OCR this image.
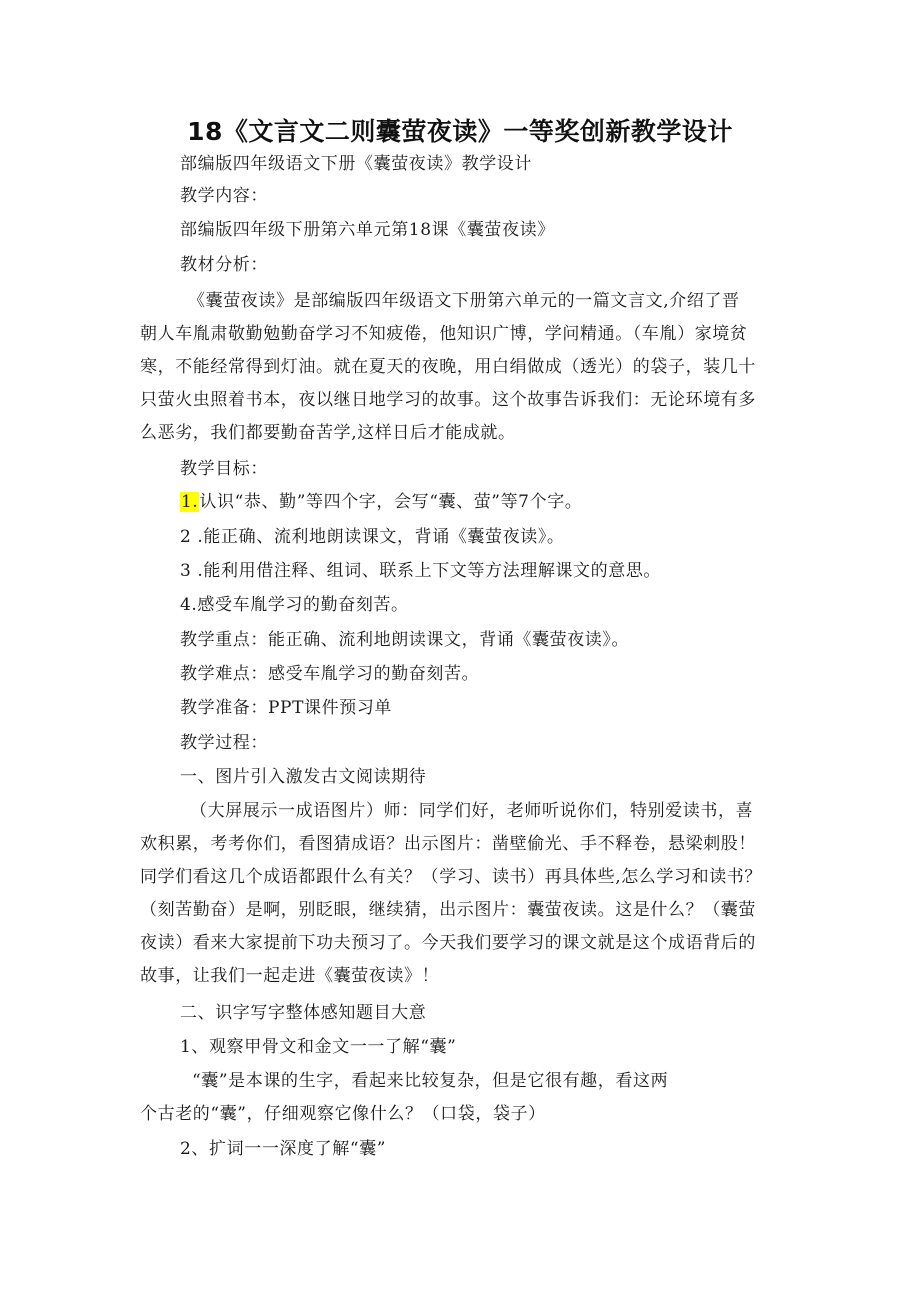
18《文言文二则囊萤夜读》一等奖创新教学设计

部编版四年级语文下册《囊萤夜读》教学设计

教学内容：

部编版四年级下册第六单元第18课《囊萤夜读》

教材分析：

《囊萤夜读》是部编版四年级语文下册第六单元的一篇文言文,介绍了晋

朝人车胤肃敬勤勉勤奋学习不知疲倦，他知识广博，学问精通。（车胤）家境贫

寒，不能经常得到灯油。就在夏天的夜晚，用白绢做成（透光）的袋子，装几十

只萤火虫照着书本，夜以继日地学习的故事。这个故事告诉我们：无论环境有多

么恶劣，我们都要勤奋苦学,这样日后才能成就。

教学目标：

1.认识“恭、勤”等四个字，会写“囊、萤”等7个字。

2 .能正确、流利地朗读课文，背诵《囊萤夜读》。

3 .能利用借注释、组词、联系上下文等方法理解课文的意思。

4.感受车胤学习的勤奋刻苦。

教学重点：能正确、流利地朗读课文，背诵《囊萤夜读》。

教学难点：感受车胤学习的勤奋刻苦。

教学准备：PPT课件预习单

教学过程：

一、图片引入激发古文阅读期待

（大屏展示一成语图片）师：同学们好，老师听说你们，特别爱读书，喜

欢积累，考考你们，看图猜成语？出示图片：凿壁偷光、手不释卷，悬梁刺股！

同学们看这几个成语都跟什么有关？（学习、读书）再具体些,怎么学习和读书？

（刻苦勤奋）是啊，别眨眼，继续猜，出示图片：囊萤夜读。这是什么？（囊萤

夜读）看来大家提前下功夫预习了。今天我们要学习的课文就是这个成语背后的

故事，让我们一起走进《囊萤夜读》！

二、识字写字整体感知题目大意

1、观察甲骨文和金文一一了解“囊”

“囊”是本课的生字，看起来比较复杂，但是它很有趣，看这两

个古老的“囊”，仔细观察它像什么？（口袋，袋子）

2、扩词一一深度了解“囊”
